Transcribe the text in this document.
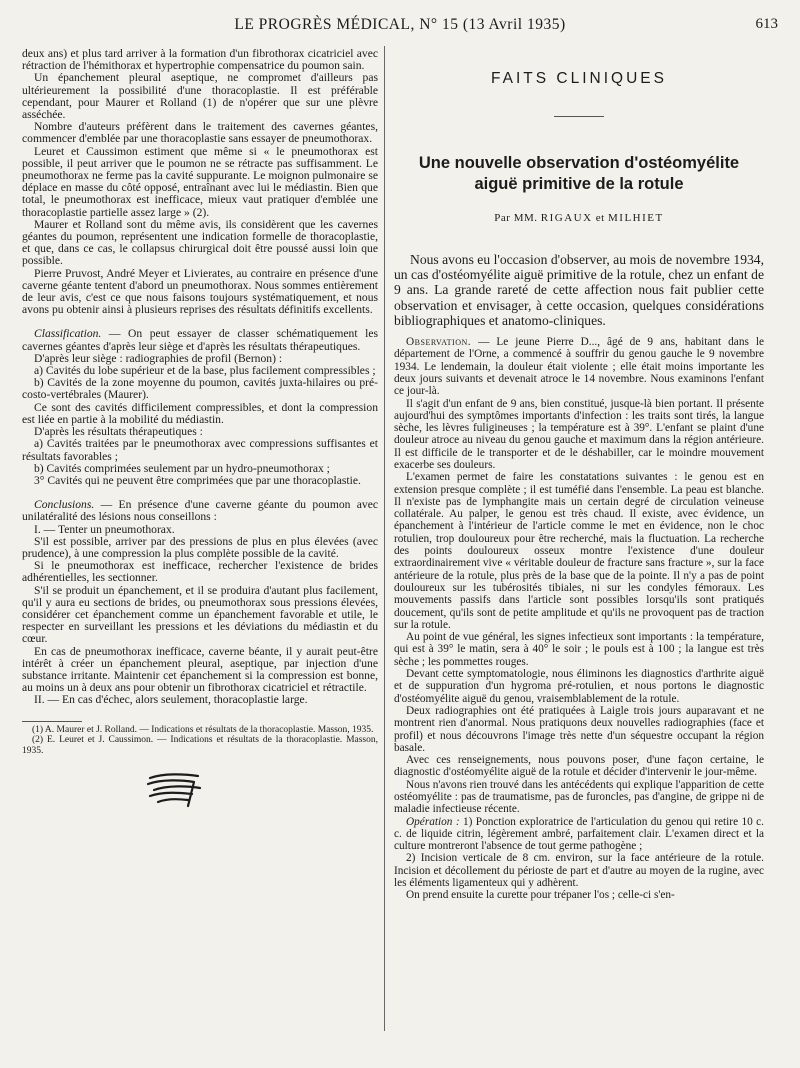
LE PROGRÈS MÉDICAL, N° 15 (13 Avril 1935)	613

deux ans) et plus tard arriver à la formation d'un fibrothorax cicatriciel avec rétraction de l'hémithorax et hypertrophie compensatrice du poumon sain.

Un épanchement pleural aseptique, ne compromet d'ailleurs pas ultérieurement la possibilité d'une thoracoplastie. Il est préférable cependant, pour Maurer et Rolland (1) de n'opérer que sur une plèvre asséchée.

Nombre d'auteurs préfèrent dans le traitement des cavernes géantes, commencer d'emblée par une thoracoplastie sans essayer de pneumothorax.

Leuret et Caussimon estiment que même si « le pneumothorax est possible, il peut arriver que le poumon ne se rétracte pas suffisamment. Le pneumothorax ne ferme pas la cavité suppurante. Le moignon pulmonaire se déplace en masse du côté opposé, entraînant avec lui le médiastin. Bien que total, le pneumothorax est inefficace, mieux vaut pratiquer d'emblée une thoracoplastie partielle assez large » (2).

Maurer et Rolland sont du même avis, ils considèrent que les cavernes géantes du poumon, représentent une indication formelle de thoracoplastie, et que, dans ce cas, le collapsus chirurgical doit être poussé aussi loin que possible.

Pierre Pruvost, André Meyer et Livierates, au contraire en présence d'une caverne géante tentent d'abord un pneumothorax. Nous sommes entièrement de leur avis, c'est ce que nous faisons toujours systématiquement, et nous avons pu obtenir ainsi à plusieurs reprises des résultats définitifs excellents.

Classification. — On peut essayer de classer schématiquement les cavernes géantes d'après leur siège et d'après les résultats thérapeutiques.

D'après leur siège : radiographies de profil (Bernon) :

a) Cavités du lobe supérieur et de la base, plus facilement compressibles ;

b) Cavités de la zone moyenne du poumon, cavités juxta-hilaires ou pré-costo-vertébrales (Maurer).

Ce sont des cavités difficilement compressibles, et dont la compression est liée en partie à la mobilité du médiastin.

D'après les résultats thérapeutiques :

a) Cavités traitées par le pneumothorax avec compressions suffisantes et résultats favorables ;

b) Cavités comprimées seulement par un hydro-pneumothorax ;

3° Cavités qui ne peuvent être comprimées que par une thoracoplastie.

Conclusions. — En présence d'une caverne géante du poumon avec unilatéralité des lésions nous conseillons :

I. — Tenter un pneumothorax.

S'il est possible, arriver par des pressions de plus en plus élevées (avec prudence), à une compression la plus complète possible de la cavité.

Si le pneumothorax est inefficace, rechercher l'existence de brides adhérentielles, les sectionner.

S'il se produit un épanchement, et il se produira d'autant plus facilement, qu'il y aura eu sections de brides, ou pneumothorax sous pressions élevées, considérer cet épanchement comme un épanchement favorable et utile, le respecter en surveillant les pressions et les déviations du médiastin et du cœur.

En cas de pneumothorax inefficace, caverne béante, il y aurait peut-être intérêt à créer un épanchement pleural, aseptique, par injection d'une substance irritante. Maintenir cet épanchement si la compression est bonne, au moins un à deux ans pour obtenir un fibrothorax cicatriciel et rétractile.

II. — En cas d'échec, alors seulement, thoracoplastie large.

(1) A. Maurer et J. Rolland. — Indications et résultats de la thoracoplastie. Masson, 1935.

(2) E. Leuret et J. Caussimon. — Indications et résultats de la thoracoplastie. Masson, 1935.

FAITS CLINIQUES
Une nouvelle observation d'ostéomyélite
aiguë primitive de la rotule
Par MM. RIGAUX et MILHIET

Nous avons eu l'occasion d'observer, au mois de novembre 1934, un cas d'ostéomyélite aiguë primitive de la rotule, chez un enfant de 9 ans. La grande rareté de cette affection nous fait publier cette observation et envisager, à cette occasion, quelques considérations bibliographiques et anatomo-cliniques.

Observation. — Le jeune Pierre D..., âgé de 9 ans, habitant dans le département de l'Orne, a commencé à souffrir du genou gauche le 9 novembre 1934. Le lendemain, la douleur était violente ; elle était moins importante les deux jours suivants et devenait atroce le 14 novembre. Nous examinons l'enfant ce jour-là.

Il s'agit d'un enfant de 9 ans, bien constitué, jusque-là bien portant. Il présente aujourd'hui des symptômes importants d'infection : les traits sont tirés, la langue sèche, les lèvres fuligineuses ; la température est à 39°. L'enfant se plaint d'une douleur atroce au niveau du genou gauche et maximum dans la région antérieure. Il est difficile de le transporter et de le déshabiller, car le moindre mouvement exacerbe ses douleurs.

L'examen permet de faire les constatations suivantes : le genou est en extension presque complète ; il est tuméfié dans l'ensemble. La peau est blanche. Il n'existe pas de lymphangite mais un certain degré de circulation veineuse collatérale. Au palper, le genou est très chaud. Il existe, avec évidence, un épanchement à l'intérieur de l'article comme le met en évidence, non le choc rotulien, trop douloureux pour être recherché, mais la fluctuation. La recherche des points douloureux osseux montre l'existence d'une douleur extraordinairement vive « véritable douleur de fracture sans fracture », sur la face antérieure de la rotule, plus près de la base que de la pointe. Il n'y a pas de point douloureux sur les tubérosités tibiales, ni sur les condyles fémoraux. Les mouvements passifs dans l'article sont possibles lorsqu'ils sont pratiqués doucement, qu'ils sont de petite amplitude et qu'ils ne provoquent pas de traction sur la rotule.

Au point de vue général, les signes infectieux sont importants : la température, qui est à 39° le matin, sera à 40° le soir ; le pouls est à 100 ; la langue est très sèche ; les pommettes rouges.

Devant cette symptomatologie, nous éliminons les diagnostics d'arthrite aiguë et de suppuration d'un hygroma pré-rotulien, et nous portons le diagnostic d'ostéomyélite aiguë du genou, vraisemblablement de la rotule.

Deux radiographies ont été pratiquées à Laigle trois jours auparavant et ne montrent rien d'anormal. Nous pratiquons deux nouvelles radiographies (face et profil) et nous découvrons l'image très nette d'un séquestre occupant la région basale.

Avec ces renseignements, nous pouvons poser, d'une façon certaine, le diagnostic d'ostéomyélite aiguë de la rotule et décider d'intervenir le jour-même.

Nous n'avons rien trouvé dans les antécédents qui explique l'apparition de cette ostéomyélite : pas de traumatisme, pas de furoncles, pas d'angine, de grippe ni de maladie infectieuse récente.

Opération : 1) Ponction exploratrice de l'articulation du genou qui retire 10 c. c. de liquide citrin, légèrement ambré, parfaitement clair. L'examen direct et la culture montreront l'absence de tout germe pathogène ;

2) Incision verticale de 8 cm. environ, sur la face antérieure de la rotule. Incision et décollement du périoste de part et d'autre au moyen de la rugine, avec les éléments ligamenteux qui y adhèrent.

On prend ensuite la curette pour trépaner l'os ; celle-ci s'en-
